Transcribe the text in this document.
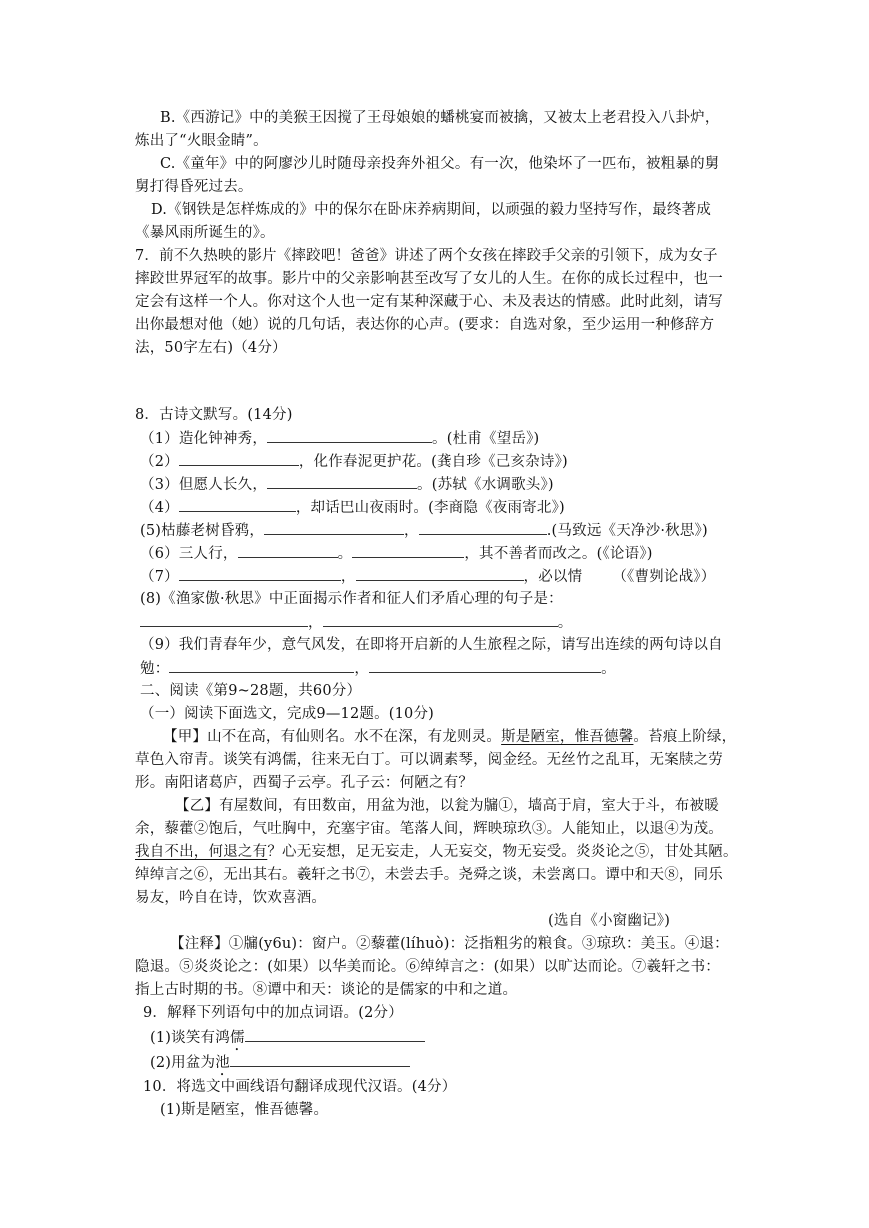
B.《西游记》中的美猴王因搅了王母娘娘的蟠桃宴而被擒，又被太上老君投入八卦炉，
炼出了“火眼金睛”。
C.《童年》中的阿廖沙儿时随母亲投奔外祖父。有一次，他染坏了一匹布，被粗暴的舅
舅打得昏死过去。
D.《钢铁是怎样炼成的》中的保尔在卧床养病期间，以顽强的毅力坚持写作，最终著成
《暴风雨所诞生的》。
7．前不久热映的影片《摔跤吧！爸爸》讲述了两个女孩在摔跤手父亲的引领下，成为女子
摔跤世界冠军的故事。影片中的父亲影响甚至改写了女儿的人生。在你的成长过程中，也一
定会有这样一个人。你对这个人也一定有某种深藏于心、未及表达的情感。此时此刻，请写
出你最想对他（她）说的几句话，表达你的心声。(要求：自选对象，至少运用一种修辞方
法，50字左右)（4分）
8．古诗文默写。(14分)
（1）造化钟神秀，	。(杜甫《望岳》)
（2）	，化作春泥更护花。(龚自珍《己亥杂诗》)
（3）但愿人长久，	。(苏轼《水调歌头》)
（4）	，却话巴山夜雨时。(李商隐《夜雨寄北》)
(5)枯藤老树昏鸦，	，	.(马致远《天净沙·秋思》)
（6）三人行，	。	，其不善者而改之。(《论语》)
（7）	，	，必以情 （《曹刿论战》）
(8)《渔家傲·秋思》中正面揭示作者和征人们矛盾心理的句子是：
，	。
（9）我们青春年少，意气风发，在即将开启新的人生旅程之际，请写出连续的两句诗以自
勉：	，	。
二、阅读《第9~28题，共60分）
（一）阅读下面选文，完成9—12题。(10分)
【甲】山不在高，有仙则名。水不在深，有龙则灵。斯是陋室，惟吾德馨。苔痕上阶绿，
草色入帘青。谈笑有鸿儒，往来无白丁。可以调素琴，阅金经。无丝竹之乱耳，无案牍之劳
形。南阳诸葛庐，西蜀子云亭。孔子云：何陋之有？
【乙】有屋数间，有田数亩，用盆为池，以瓮为牖①，墙高于肩，室大于斗，布被暖
余，藜藿②饱后，气吐胸中，充塞宇宙。笔落人间，辉映琼玖③。人能知止，以退④为茂。
我自不出，何退之有？心无妄想，足无妄走，人无妄交，物无妄受。炎炎论之⑤，甘处其陋。
绰绰言之⑥，无出其右。羲轩之书⑦，未尝去手。尧舜之谈，未尝离口。谭中和天⑧，同乐
易友，吟自在诗，饮欢喜酒。
(选自《小窗幽记》)
【注释】①牖(y6u)：窗户。②藜藿(líhuò)：泛指粗劣的粮食。③琼玖：美玉。④退：
隐退。⑤炎炎论之：(如果）以华美而论。⑥绰绰言之：(如果）以旷达而论。⑦羲轩之书：
指上古时期的书。⑧谭中和天：谈论的是儒家的中和之道。
9．解释下列语句中的加点词语。(2分）
(1)谈笑有鸿儒
(2)用盆为池
10．将选文中画线语句翻译成现代汉语。(4分）
(1)斯是陋室，惟吾德馨。
